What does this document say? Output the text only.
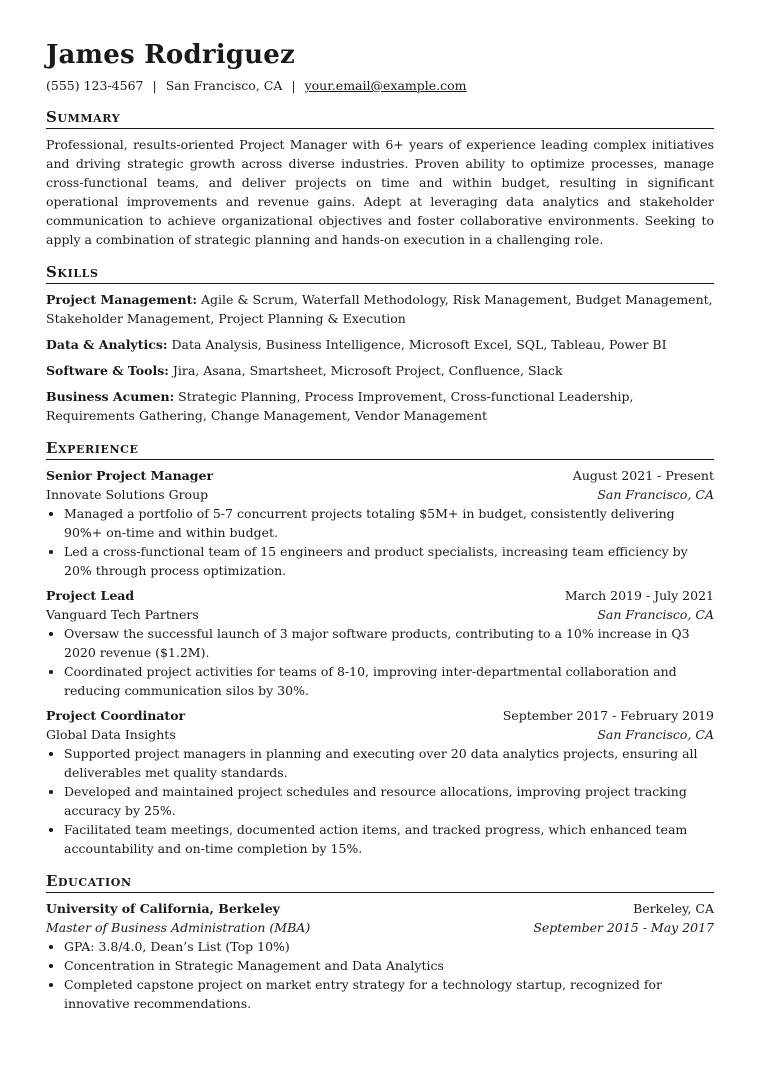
James Rodriguez
(555) 123-4567 | San Francisco, CA | your.email@example.com
Summary

Professional, results-oriented Project Manager with 6+ years of experience leading complex initiatives and driving strategic growth across diverse industries. Proven ability to optimize processes, manage cross-functional teams, and deliver projects on time and within budget, resulting in significant operational improvements and revenue gains. Adept at leveraging data analytics and stakeholder communication to achieve organizational objectives and foster collaborative environments. Seeking to apply a combination of strategic planning and hands-on execution in a challenging role.

Skills

Project Management: Agile & Scrum, Waterfall Methodology, Risk Management, Budget Management, Stakeholder Management, Project Planning & Execution

Data & Analytics: Data Analysis, Business Intelligence, Microsoft Excel, SQL, Tableau, Power BI

Software & Tools: Jira, Asana, Smartsheet, Microsoft Project, Confluence, Slack

Business Acumen: Strategic Planning, Process Improvement, Cross-functional Leadership, Requirements Gathering, Change Management, Vendor Management

Experience
Senior Project Manager	August 2021 - Present
Innovate Solutions Group	San Francisco, CA
• Managed a portfolio of 5-7 concurrent projects totaling $5M+ in budget, consistently delivering 90%+ on-time and within budget.
• Led a cross-functional team of 15 engineers and product specialists, increasing team efficiency by 20% through process optimization.
Project Lead	March 2019 - July 2021
Vanguard Tech Partners	San Francisco, CA
• Oversaw the successful launch of 3 major software products, contributing to a 10% increase in Q3 2020 revenue ($1.2M).
• Coordinated project activities for teams of 8-10, improving inter-departmental collaboration and reducing communication silos by 30%.
Project Coordinator	September 2017 - February 2019
Global Data Insights	San Francisco, CA
• Supported project managers in planning and executing over 20 data analytics projects, ensuring all deliverables met quality standards.
• Developed and maintained project schedules and resource allocations, improving project tracking accuracy by 25%.
• Facilitated team meetings, documented action items, and tracked progress, which enhanced team accountability and on-time completion by 15%.
Education
University of California, Berkeley	Berkeley, CA
Master of Business Administration (MBA)	September 2015 - May 2017
• GPA: 3.8/4.0, Dean’s List (Top 10%)
• Concentration in Strategic Management and Data Analytics
• Completed capstone project on market entry strategy for a technology startup, recognized for innovative recommendations.
